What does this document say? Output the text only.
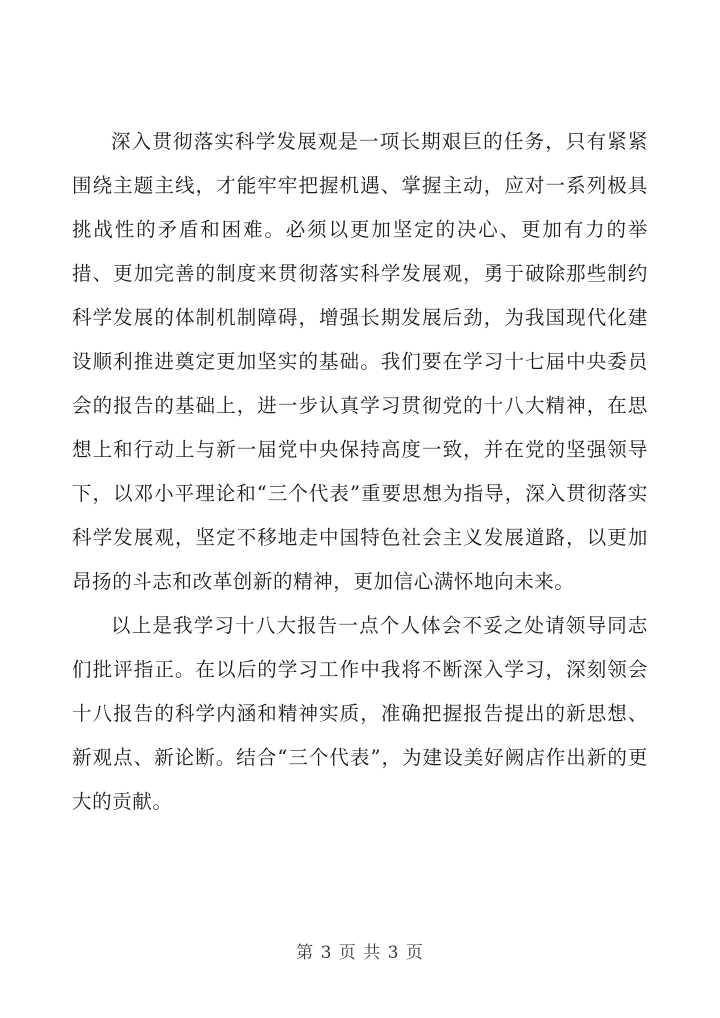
深入贯彻落实科学发展观是一项长期艰巨的任务，只有紧紧围绕主题主线，才能牢牢把握机遇、掌握主动，应对一系列极具挑战性的矛盾和困难。必须以更加坚定的决心、更加有力的举措、更加完善的制度来贯彻落实科学发展观，勇于破除那些制约科学发展的体制机制障碍，增强长期发展后劲，为我国现代化建设顺利推进奠定更加坚实的基础。我们要在学习十七届中央委员会的报告的基础上，进一步认真学习贯彻党的十八大精神，在思想上和行动上与新一届党中央保持高度一致，并在党的坚强领导下，以邓小平理论和“三个代表”重要思想为指导，深入贯彻落实科学发展观，坚定不移地走中国特色社会主义发展道路，以更加昂扬的斗志和改革创新的精神，更加信心满怀地向未来。

以上是我学习十八大报告一点个人体会不妥之处请领导同志们批评指正。在以后的学习工作中我将不断深入学习，深刻领会十八报告的科学内涵和精神实质，准确把握报告提出的新思想、新观点、新论断。结合“三个代表”，为建设美好阙店作出新的更大的贡献。

第 3 页 共 3 页
